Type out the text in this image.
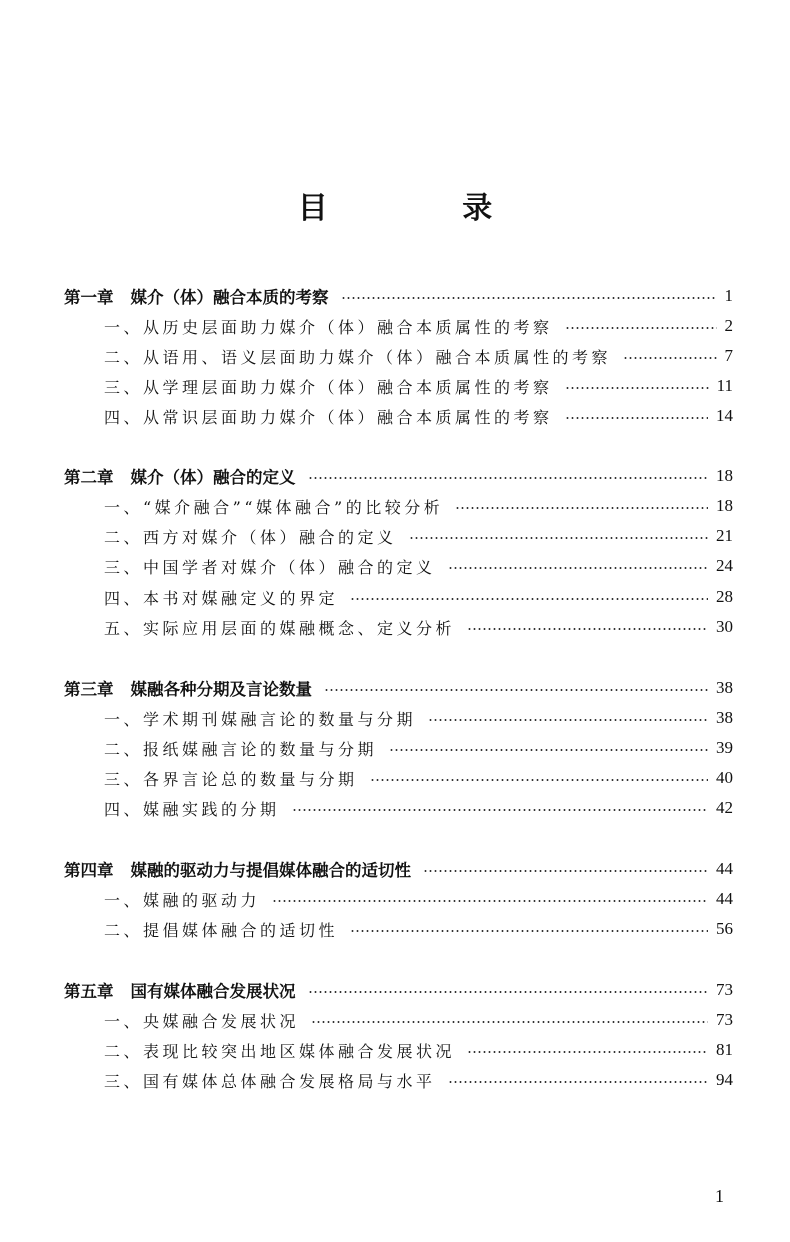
目 录
第一章 媒介（体）融合本质的考察	1
一、从历史层面助力媒介（体）融合本质属性的考察	2
二、从语用、语义层面助力媒介（体）融合本质属性的考察	7
三、从学理层面助力媒介（体）融合本质属性的考察	11
四、从常识层面助力媒介（体）融合本质属性的考察	14
第二章 媒介（体）融合的定义	18
一、“媒介融合”“媒体融合”的比较分析	18
二、西方对媒介（体）融合的定义	21
三、中国学者对媒介（体）融合的定义	24
四、本书对媒融定义的界定	28
五、实际应用层面的媒融概念、定义分析	30
第三章 媒融各种分期及言论数量	38
一、学术期刊媒融言论的数量与分期	38
二、报纸媒融言论的数量与分期	39
三、各界言论总的数量与分期	40
四、媒融实践的分期	42
第四章 媒融的驱动力与提倡媒体融合的适切性	44
一、媒融的驱动力	44
二、提倡媒体融合的适切性	56
第五章 国有媒体融合发展状况	73
一、央媒融合发展状况	73
二、表现比较突出地区媒体融合发展状况	81
三、国有媒体总体融合发展格局与水平	94
1
